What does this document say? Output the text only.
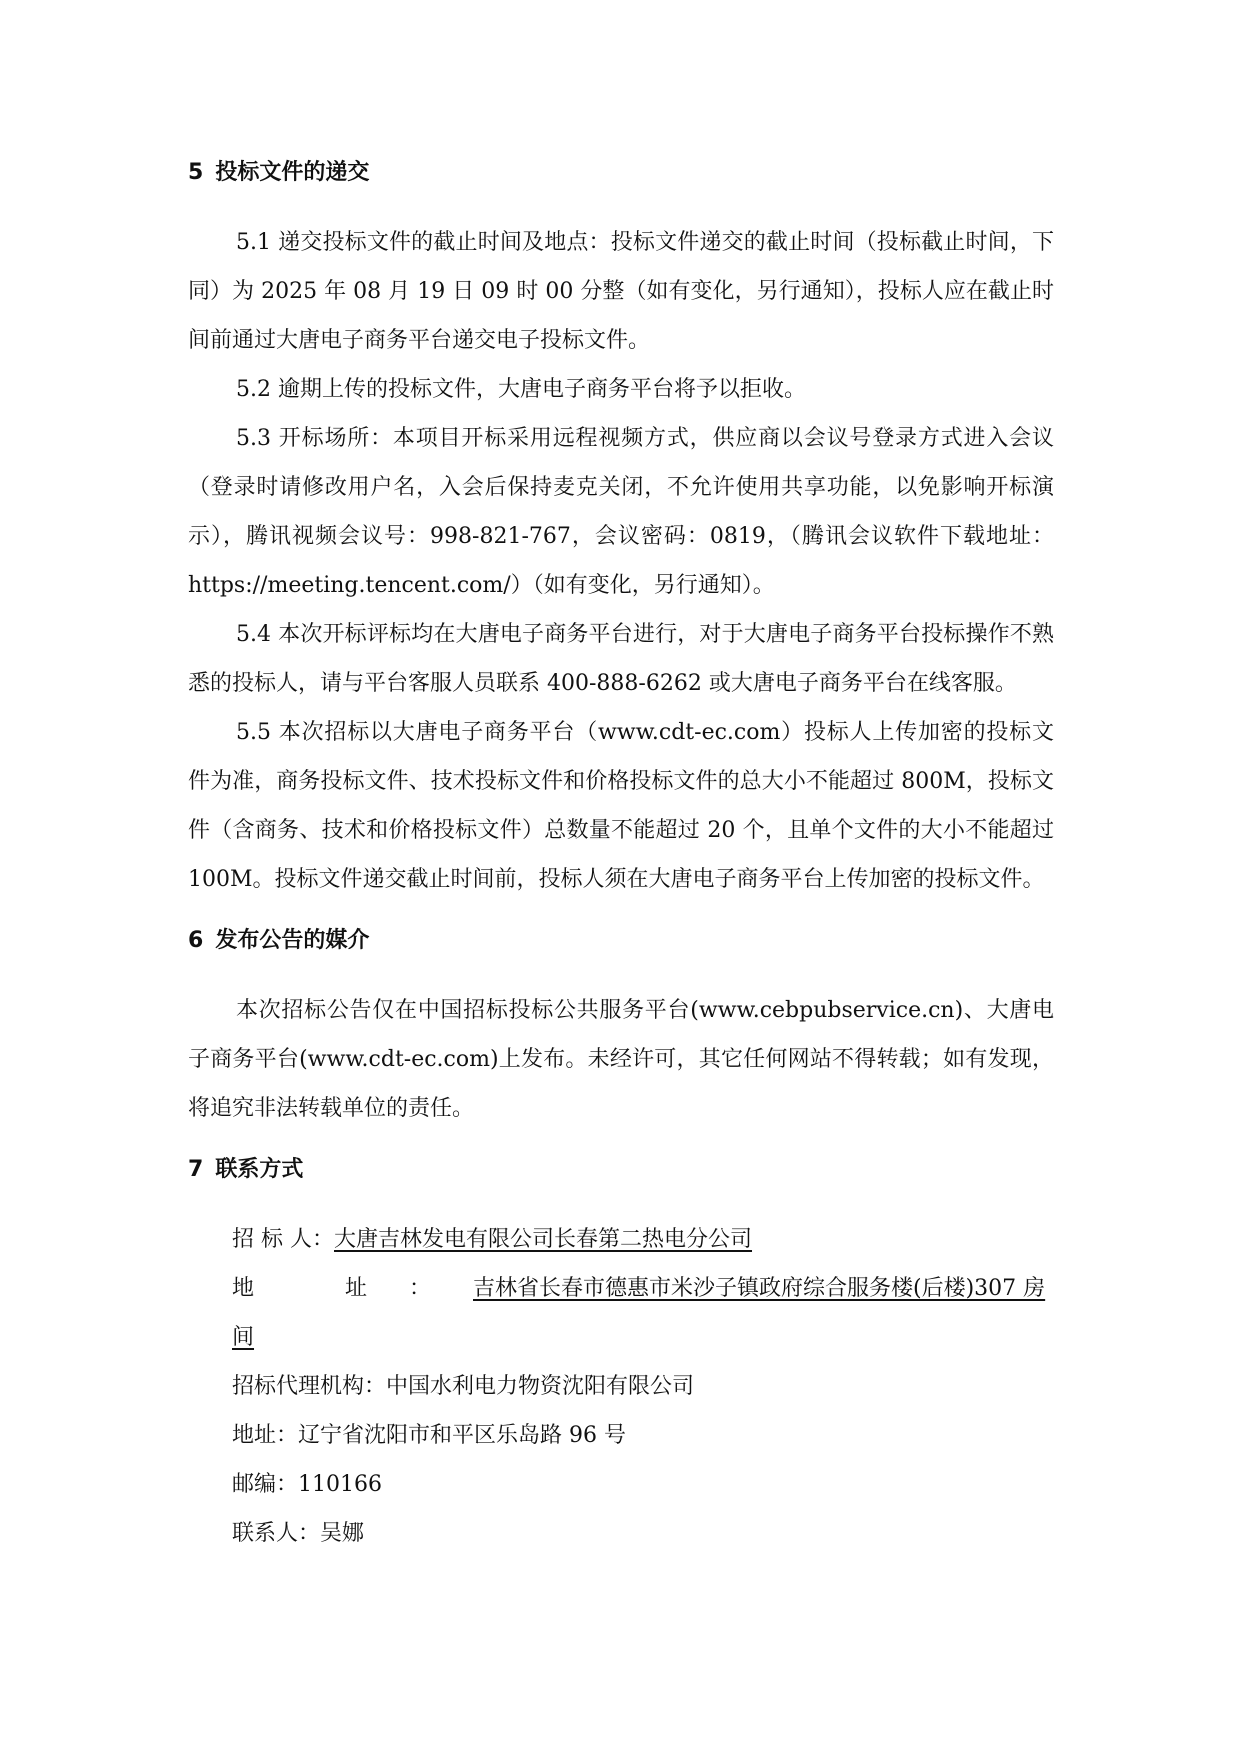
5 投标文件的递交

5.1 递交投标文件的截止时间及地点：投标文件递交的截止时间（投标截止时间，下同）为 2025 年 08 月 19 日 09 时 00 分整（如有变化，另行通知），投标人应在截止时间前通过大唐电子商务平台递交电子投标文件。

5.2 逾期上传的投标文件，大唐电子商务平台将予以拒收。

5.3 开标场所：本项目开标采用远程视频方式，供应商以会议号登录方式进入会议（登录时请修改用户名，入会后保持麦克关闭，不允许使用共享功能，以免影响开标演示），腾讯视频会议号：998-821-767，会议密码：0819，（腾讯会议软件下载地址：https://meeting.tencent.com/）（如有变化，另行通知）。

5.4 本次开标评标均在大唐电子商务平台进行，对于大唐电子商务平台投标操作不熟悉的投标人，请与平台客服人员联系 400-888-6262 或大唐电子商务平台在线客服。

5.5 本次招标以大唐电子商务平台（www.cdt-ec.com）投标人上传加密的投标文件为准，商务投标文件、技术投标文件和价格投标文件的总大小不能超过 800M，投标文件（含商务、技术和价格投标文件）总数量不能超过 20 个，且单个文件的大小不能超过 100M。投标文件递交截止时间前，投标人须在大唐电子商务平台上传加密的投标文件。

6 发布公告的媒介

本次招标公告仅在中国招标投标公共服务平台(www.cebpubservice.cn)、大唐电子商务平台(www.cdt-ec.com)上发布。未经许可，其它任何网站不得转载；如有发现，将追究非法转载单位的责任。

7 联系方式
招 标 人：大唐吉林发电有限公司长春第二热电分公司
地 址：吉林省长春市德惠市米沙子镇政府综合服务楼(后楼)307 房间
招标代理机构：中国水利电力物资沈阳有限公司
地址：辽宁省沈阳市和平区乐岛路 96 号
邮编：110166
联系人：吴娜
